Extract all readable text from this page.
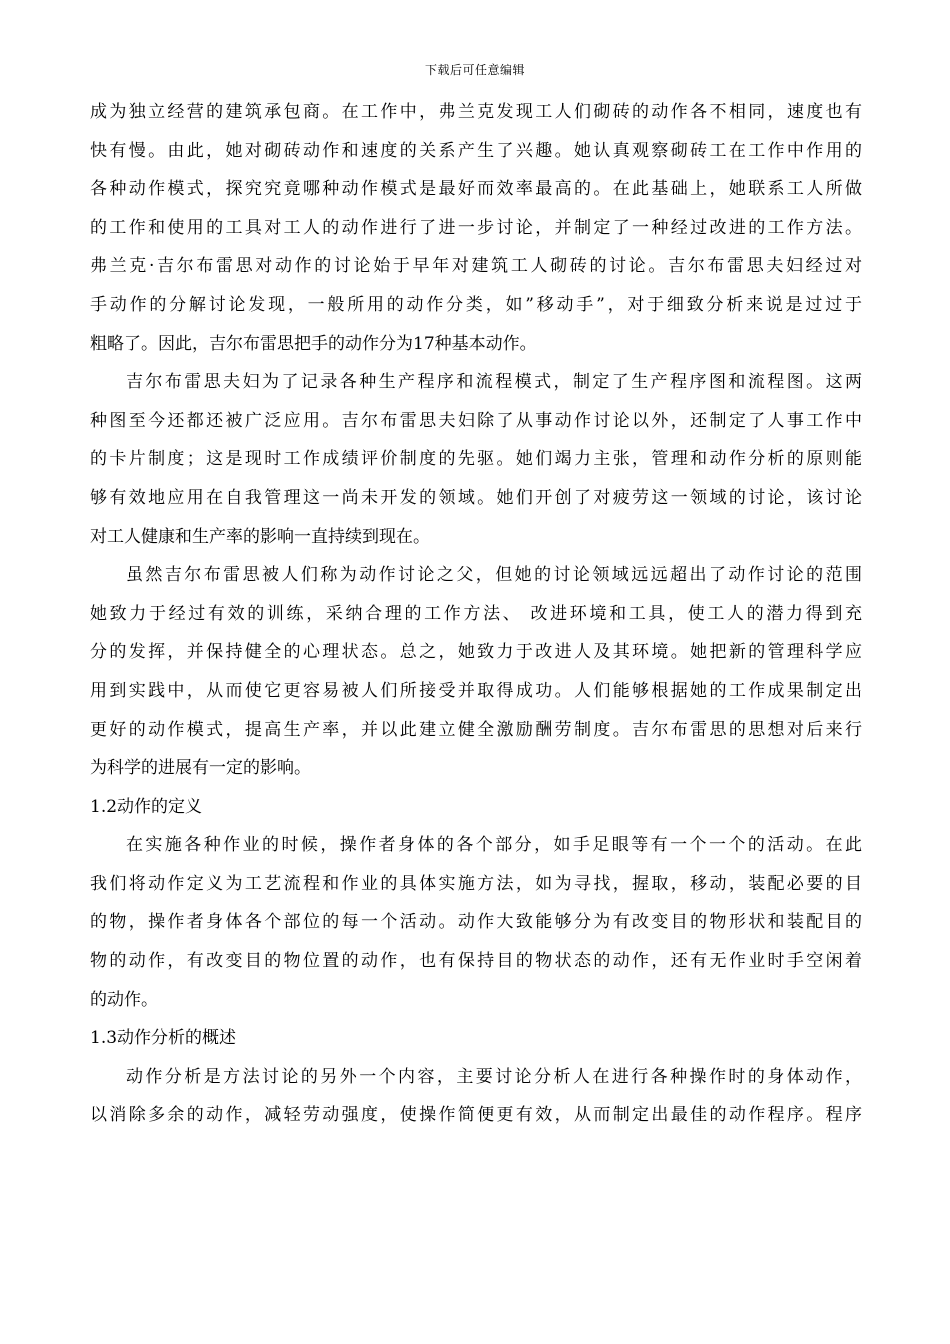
下载后可任意编辑
成为独立经营的建筑承包商。在工作中，弗兰克发现工人们砌砖的动作各不相同，速度也有
快有慢。由此，她对砌砖动作和速度的关系产生了兴趣。她认真观察砌砖工在工作中作用的
各种动作模式，探究究竟哪种动作模式是最好而效率最高的。在此基础上，她联系工人所做
的工作和使用的工具对工人的动作进行了进一步讨论，并制定了一种经过改进的工作方法。
弗兰克·吉尔布雷思对动作的讨论始于早年对建筑工人砌砖的讨论。吉尔布雷思夫妇经过对
手动作的分解讨论发现，一般所用的动作分类，如”移动手”，对于细致分析来说是过过于
粗略了。因此，吉尔布雷思把手的动作分为17种基本动作。
吉尔布雷思夫妇为了记录各种生产程序和流程模式，制定了生产程序图和流程图。这两
种图至今还都还被广泛应用。吉尔布雷思夫妇除了从事动作讨论以外，还制定了人事工作中
的卡片制度；这是现时工作成绩评价制度的先驱。她们竭力主张，管理和动作分析的原则能
够有效地应用在自我管理这一尚未开发的领域。她们开创了对疲劳这一领域的讨论，该讨论
对工人健康和生产率的影响一直持续到现在。
虽然吉尔布雷思被人们称为动作讨论之父，但她的讨论领域远远超出了动作讨论的范围
她致力于经过有效的训练，采纳合理的工作方法、 改进环境和工具，使工人的潜力得到充
分的发挥，并保持健全的心理状态。总之，她致力于改进人及其环境。她把新的管理科学应
用到实践中，从而使它更容易被人们所接受并取得成功。人们能够根据她的工作成果制定出
更好的动作模式，提高生产率，并以此建立健全激励酬劳制度。吉尔布雷思的思想对后来行
为科学的进展有一定的影响。
1.2动作的定义
在实施各种作业的时候，操作者身体的各个部分，如手足眼等有一个一个的活动。在此
我们将动作定义为工艺流程和作业的具体实施方法，如为寻找，握取，移动，装配必要的目
的物，操作者身体各个部位的每一个活动。动作大致能够分为有改变目的物形状和装配目的
物的动作，有改变目的物位置的动作，也有保持目的物状态的动作，还有无作业时手空闲着
的动作。
1.3动作分析的概述
动作分析是方法讨论的另外一个内容，主要讨论分析人在进行各种操作时的身体动作，
以消除多余的动作，减轻劳动强度，使操作简便更有效，从而制定出最佳的动作程序。程序
